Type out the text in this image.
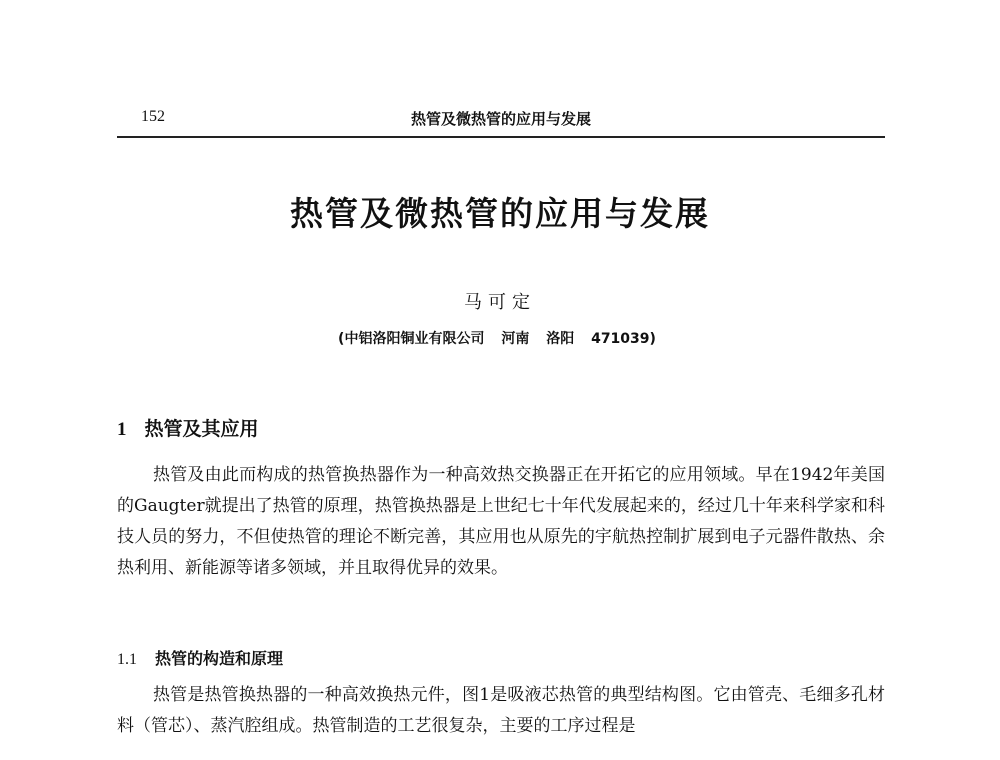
152	热管及微热管的应用与发展
热管及微热管的应用与发展
马可定
(中铝洛阳铜业有限公司 河南 洛阳 471039)
1 热管及其应用

热管及由此而构成的热管换热器作为一种高效热交换器正在开拓它的应用领域。早在1942年美国的Gaugter就提出了热管的原理，热管换热器是上世纪七十年代发展起来的，经过几十年来科学家和科技人员的努力，不但使热管的理论不断完善，其应用也从原先的宇航热控制扩展到电子元器件散热、余热利用、新能源等诸多领域，并且取得优异的效果。

1.1 热管的构造和原理

热管是热管换热器的一种高效换热元件，图1是吸液芯热管的典型结构图。它由管壳、毛细多孔材料（管芯）、蒸汽腔组成。热管制造的工艺很复杂，主要的工序过程是
